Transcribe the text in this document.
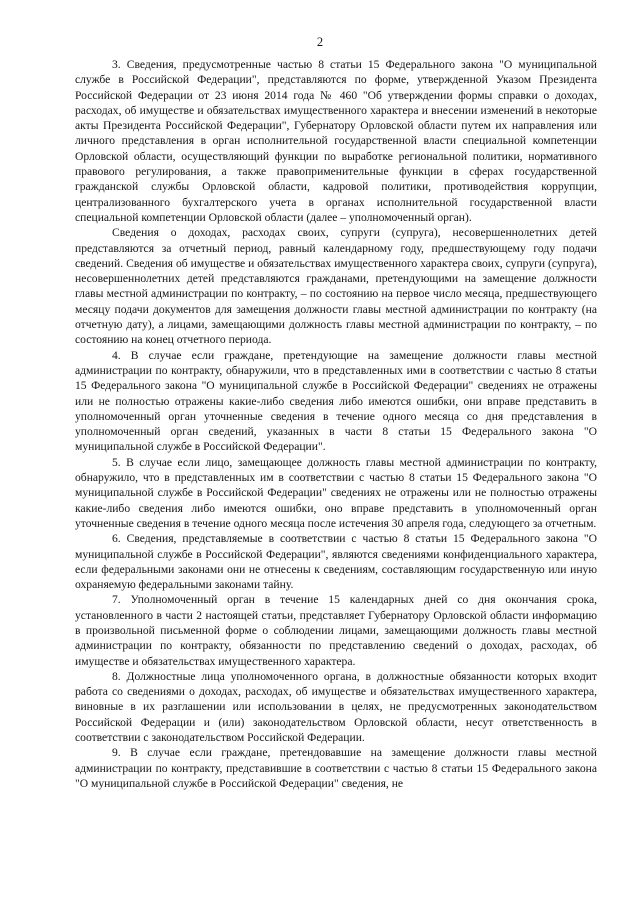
2

3. Сведения, предусмотренные частью 8 статьи 15 Федерального закона "О муниципальной службе в Российской Федерации", представляются по форме, утвержденной Указом Президента Российской Федерации от 23 июня 2014 года № 460 "Об утверждении формы справки о доходах, расходах, об имуществе и обязательствах имущественного характера и внесении изменений в некоторые акты Президента Российской Федерации", Губернатору Орловской области путем их направления или личного представления в орган исполнительной государственной власти специальной компетенции Орловской области, осуществляющий функции по выработке региональной политики, нормативного правового регулирования, а также правоприменительные функции в сферах государственной гражданской службы Орловской области, кадровой политики, противодействия коррупции, централизованного бухгалтерского учета в органах исполнительной государственной власти специальной компетенции Орловской области (далее – уполномоченный орган).

Сведения о доходах, расходах своих, супруги (супруга), несовершеннолетних детей представляются за отчетный период, равный календарному году, предшествующему году подачи сведений. Сведения об имуществе и обязательствах имущественного характера своих, супруги (супруга), несовершеннолетних детей представляются гражданами, претендующими на замещение должности главы местной администрации по контракту, – по состоянию на первое число месяца, предшествующего месяцу подачи документов для замещения должности главы местной администрации по контракту (на отчетную дату), а лицами, замещающими должность главы местной администрации по контракту, – по состоянию на конец отчетного периода.

4. В случае если граждане, претендующие на замещение должности главы местной администрации по контракту, обнаружили, что в представленных ими в соответствии с частью 8 статьи 15 Федерального закона "О муниципальной службе в Российской Федерации" сведениях не отражены или не полностью отражены какие-либо сведения либо имеются ошибки, они вправе представить в уполномоченный орган уточненные сведения в течение одного месяца со дня представления в уполномоченный орган сведений, указанных в части 8 статьи 15 Федерального закона "О муниципальной службе в Российской Федерации".

5. В случае если лицо, замещающее должность главы местной администрации по контракту, обнаружило, что в представленных им в соответствии с частью 8 статьи 15 Федерального закона "О муниципальной службе в Российской Федерации" сведениях не отражены или не полностью отражены какие-либо сведения либо имеются ошибки, оно вправе представить в уполномоченный орган уточненные сведения в течение одного месяца после истечения 30 апреля года, следующего за отчетным.

6. Сведения, представляемые в соответствии с частью 8 статьи 15 Федерального закона "О муниципальной службе в Российской Федерации", являются сведениями конфиденциального характера, если федеральными законами они не отнесены к сведениям, составляющим государственную или иную охраняемую федеральными законами тайну.

7. Уполномоченный орган в течение 15 календарных дней со дня окончания срока, установленного в части 2 настоящей статьи, представляет Губернатору Орловской области информацию в произвольной письменной форме о соблюдении лицами, замещающими должность главы местной администрации по контракту, обязанности по представлению сведений о доходах, расходах, об имуществе и обязательствах имущественного характера.

8. Должностные лица уполномоченного органа, в должностные обязанности которых входит работа со сведениями о доходах, расходах, об имуществе и обязательствах имущественного характера, виновные в их разглашении или использовании в целях, не предусмотренных законодательством Российской Федерации и (или) законодательством Орловской области, несут ответственность в соответствии с законодательством Российской Федерации.

9. В случае если граждане, претендовавшие на замещение должности главы местной администрации по контракту, представившие в соответствии с частью 8 статьи 15 Федерального закона "О муниципальной службе в Российской Федерации" сведения, не
